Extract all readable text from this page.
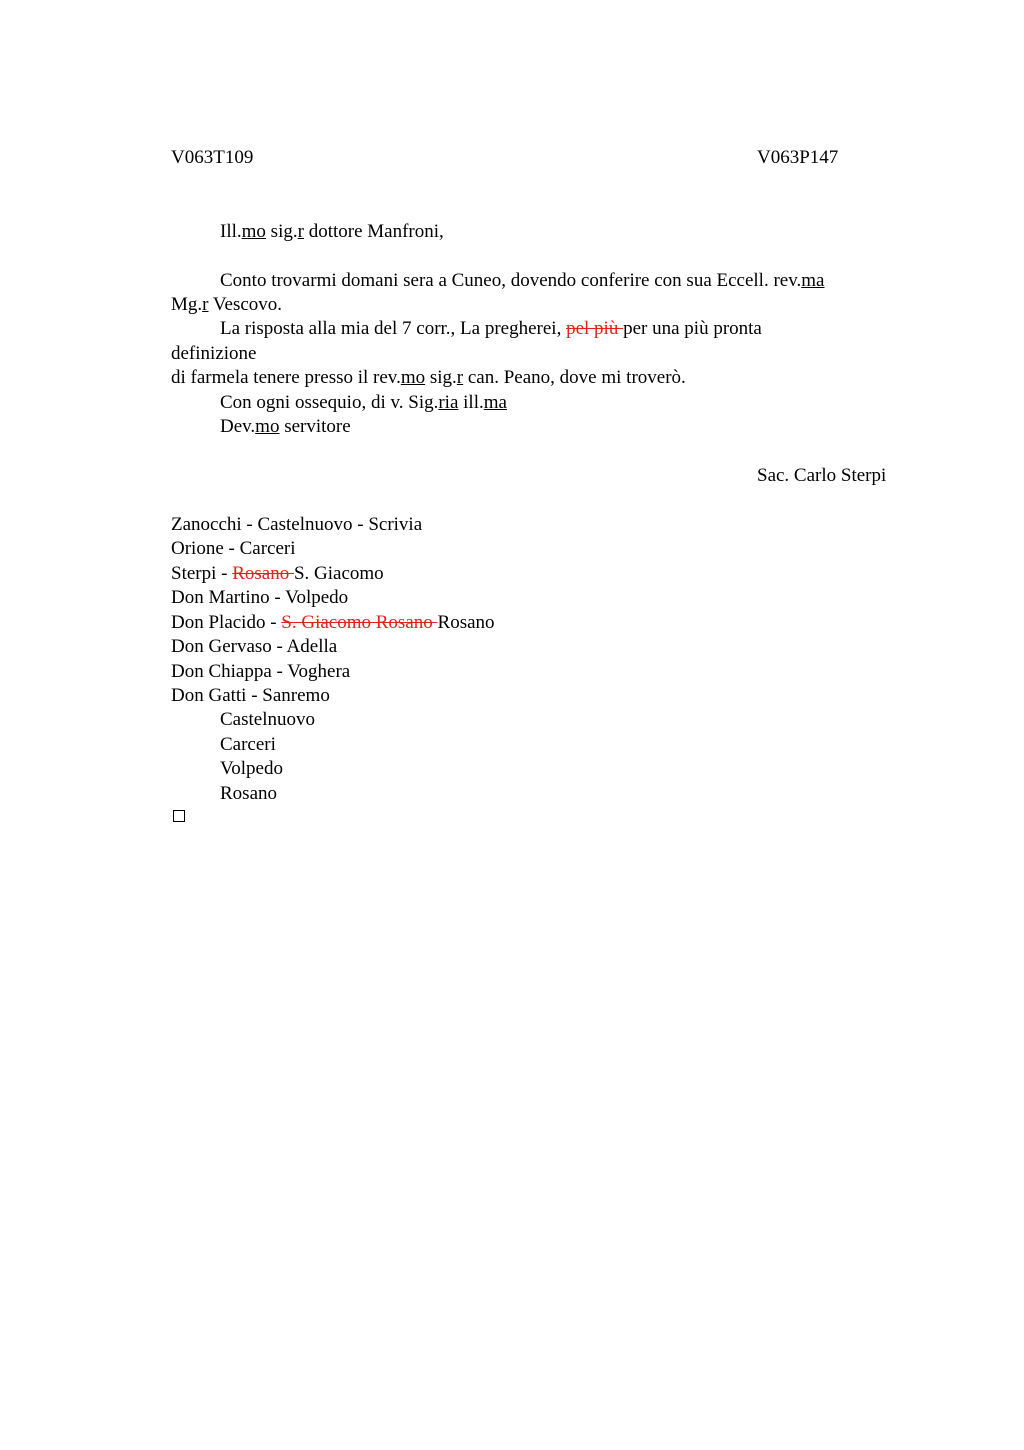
V063T109	V063P147
Ill.mo sig.r dottore Manfroni,
Conto trovarmi domani sera a Cuneo, dovendo conferire con sua Eccell. rev.ma
Mg.r Vescovo.
La risposta alla mia del 7 corr., La pregherei, pel più per una più pronta
definizione
di farmela tenere presso il rev.mo sig.r can. Peano, dove mi troverò.
Con ogni ossequio, di v. Sig.ria ill.ma
Dev.mo servitore
Sac. Carlo Sterpi
Zanocchi - Castelnuovo - Scrivia
Orione - Carceri
Sterpi - Rosano S. Giacomo
Don Martino - Volpedo
Don Placido - S. Giacomo Rosano Rosano
Don Gervaso - Adella
Don Chiappa - Voghera
Don Gatti - Sanremo
Castelnuovo
Carceri
Volpedo
Rosano
